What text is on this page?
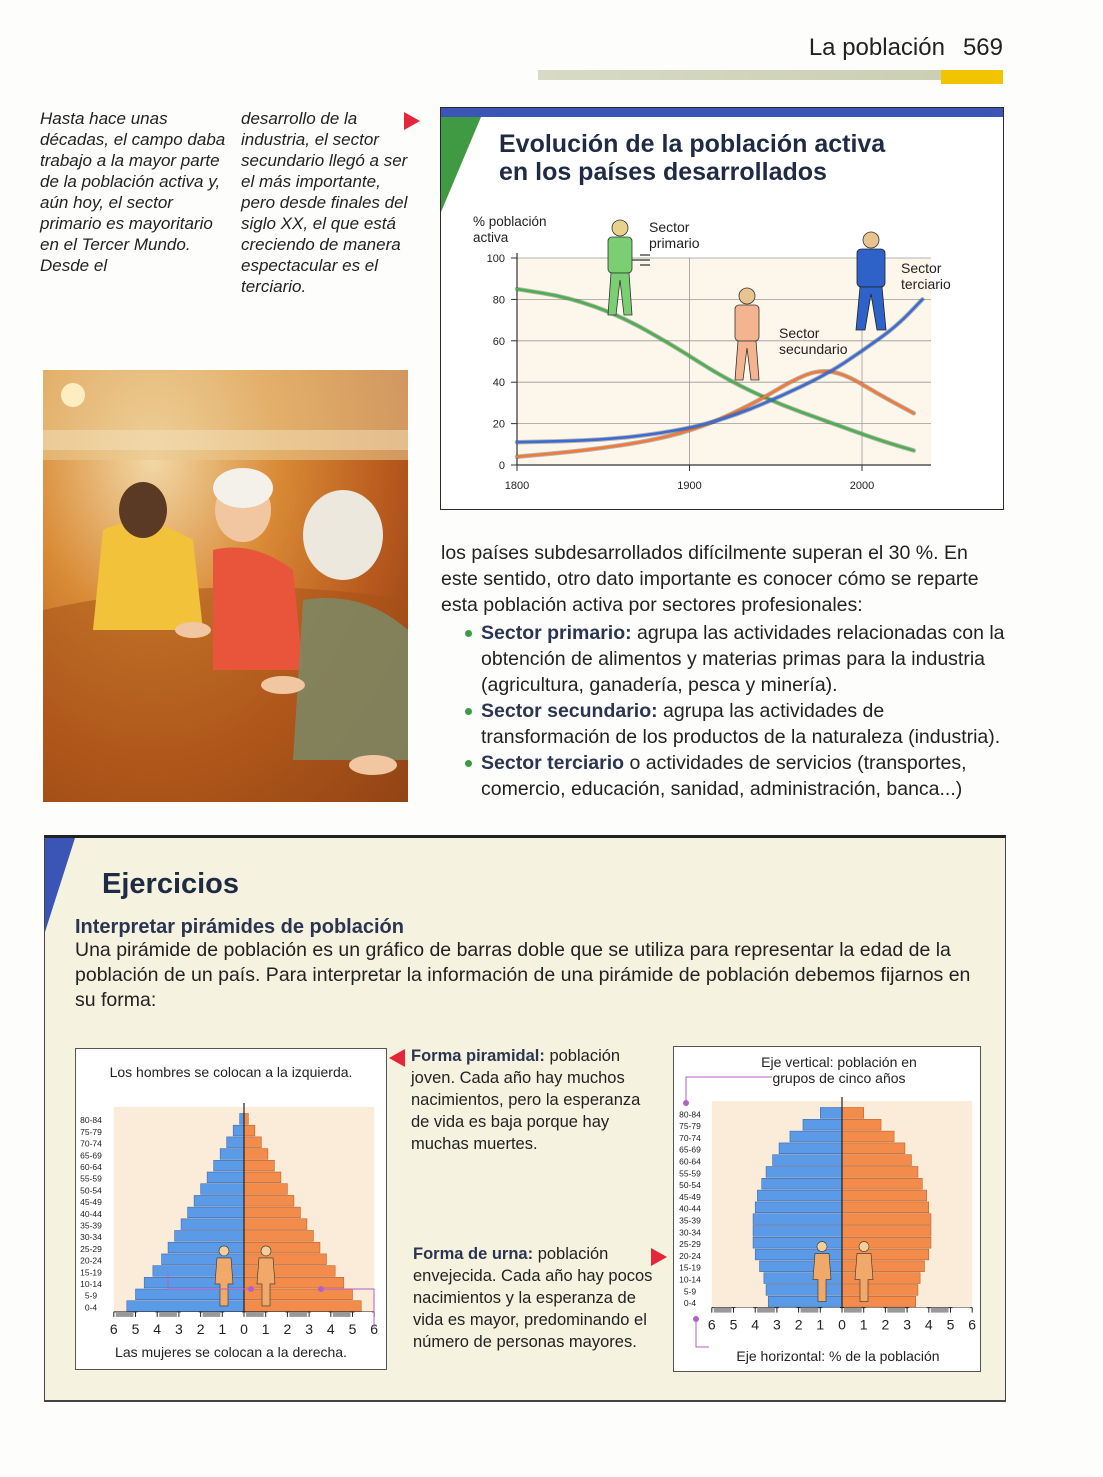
La población 569
Hasta hace unas décadas, el campo daba trabajo a la mayor parte de la población activa y, aún hoy, el sector primario es mayoritario en el Tercer Mundo. Desde el
desarrollo de la industria, el sector secundario llegó a ser el más importante, pero desde finales del siglo XX, el que está creciendo de manera espectacular es el terciario.
Evolución de la población activa
en los países desarrollados
% población
activa
0
20
40
60
80
100
1800	1900	2000
Sector
primario
Sector
secundario
Sector
terciario

los países subdesarrollados difícilmente superan el 30 %. En este sentido, otro dato importante es conocer cómo se reparte esta población activa por sectores profesionales:

Sector primario: agrupa las actividades relacionadas con la obtención de alimentos y materias primas para la industria (agricultura, ganadería, pesca y minería).
Sector secundario: agrupa las actividades de transformación de los productos de la naturaleza (industria).
Sector terciario o actividades de servicios (transportes, comercio, educación, sanidad, administración, banca...)
Ejercicios
Interpretar pirámides de población
Una pirámide de población es un gráfico de barras doble que se utiliza para representar la edad de la población de un país. Para interpretar la información de una pirámide de población debemos fijarnos en su forma:
Los hombres se colocan a la izquierda.
Las mujeres se colocan a la derecha.
80-84
75-79
70-74
65-69
60-64
55-59
50-54
45-49
40-44
35-39
30-34
25-29
20-24
15-19
10-14
5-9
0-4
6 5 4 3 2 1 0 1 2 3 4 5 6
Forma piramidal: población joven. Cada año hay muchos nacimientos, pero la esperanza de vida es baja porque hay muchas muertes.
Forma de urna: población envejecida. Cada año hay pocos nacimientos y la esperanza de vida es mayor, predominando el número de personas mayores.
Eje vertical: población en
grupos de cinco años
Eje horizontal: % de la población
80-84
75-79
70-74
65-69
60-64
55-59
50-54
45-49
40-44
35-39
30-34
25-29
20-24
15-19
10-14
5-9
0-4
6 5 4 3 2 1 0 1 2 3 4 5 6
